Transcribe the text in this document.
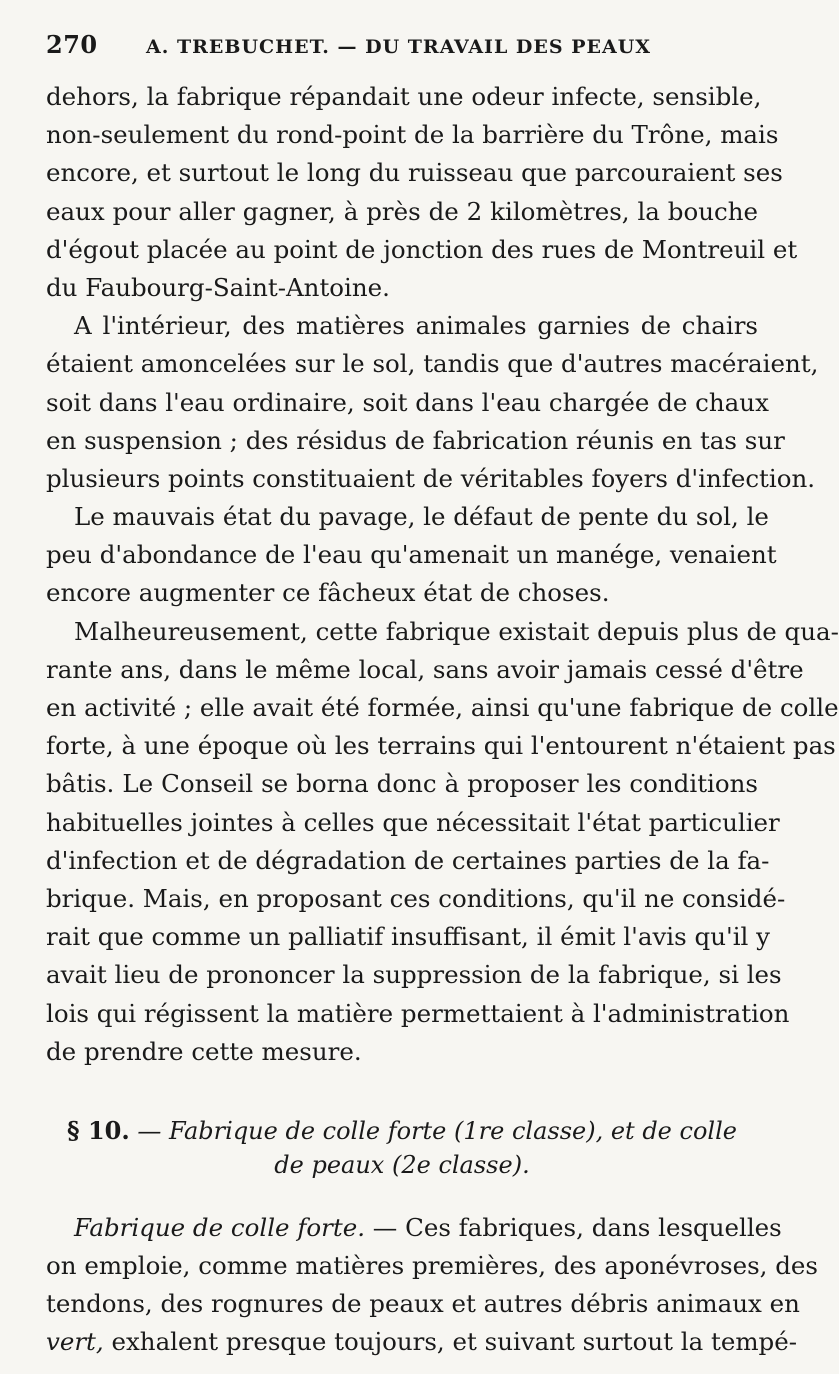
270	A. TREBUCHET. — DU TRAVAIL DES PEAUX
dehors, la fabrique répandait une odeur infecte, sensible,
non-seulement du rond-point de la barrière du Trône, mais
encore, et surtout le long du ruisseau que parcouraient ses
eaux pour aller gagner, à près de 2 kilomètres, la bouche
d'égout placée au point de jonction des rues de Montreuil et
du Faubourg-Saint-Antoine.
A l'intérieur, des matières animales garnies de chairs
étaient amoncelées sur le sol, tandis que d'autres macéraient,
soit dans l'eau ordinaire, soit dans l'eau chargée de chaux
en suspension ; des résidus de fabrication réunis en tas sur
plusieurs points constituaient de véritables foyers d'infection.
Le mauvais état du pavage, le défaut de pente du sol, le
peu d'abondance de l'eau qu'amenait un manége, venaient
encore augmenter ce fâcheux état de choses.
Malheureusement, cette fabrique existait depuis plus de qua-
rante ans, dans le même local, sans avoir jamais cessé d'être
en activité ; elle avait été formée, ainsi qu'une fabrique de colle
forte, à une époque où les terrains qui l'entourent n'étaient pas
bâtis. Le Conseil se borna donc à proposer les conditions
habituelles jointes à celles que nécessitait l'état particulier
d'infection et de dégradation de certaines parties de la fa-
brique. Mais, en proposant ces conditions, qu'il ne considé-
rait que comme un palliatif insuffisant, il émit l'avis qu'il y
avait lieu de prononcer la suppression de la fabrique, si les
lois qui régissent la matière permettaient à l'administration
de prendre cette mesure.
§ 10. — Fabrique de colle forte (1re classe), et de colle
de peaux (2e classe).
Fabrique de colle forte. — Ces fabriques, dans lesquelles
on emploie, comme matières premières, des aponévroses, des
tendons, des rognures de peaux et autres débris animaux en
vert, exhalent presque toujours, et suivant surtout la tempé-
